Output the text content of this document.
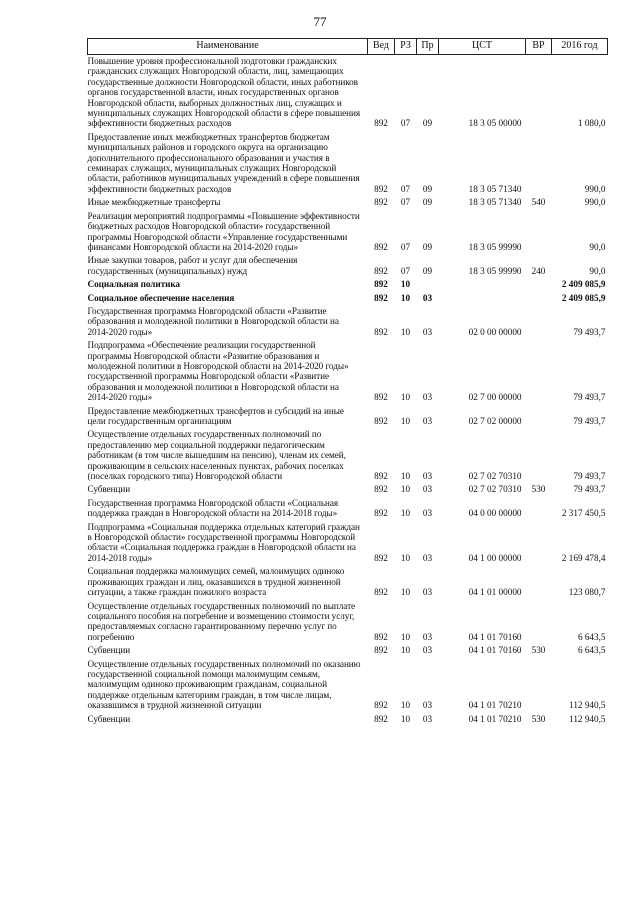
77
Наименование	Вед	РЗ	Пр	ЦСТ	ВР	2016 год
Повышение уровня профессиональной подготовки гражданских гражданских служащих Новгородской области, лиц, замещающих государственные должности Новгородской области, иных работников органов государственной власти, иных государственных органов Новгородской области, выборных должностных лиц, служащих и муниципальных служащих Новгородской области в сфере повышения эффективности бюджетных расходов	892	07	09	18 3 05 00000		1 080,0
Предоставление иных межбюджетных трансфертов бюджетам муниципальных районов и городского округа на организацию дополнительного профессионального образования и участия в семинарах служащих, муниципальных служащих Новгородской области, работников муниципальных учреждений в сфере повышения эффективности бюджетных расходов	892	07	09	18 3 05 71340		990,0
Иные межбюджетные трансферты	892	07	09	18 3 05 71340	540	990,0
Реализация мероприятий подпрограммы «Повышение эффективности бюджетных расходов Новгородской области» государственной программы Новгородской области «Управление государственными финансами Новгородской области на 2014-2020 годы»	892	07	09	18 3 05 99990		90,0
Иные закупки товаров, работ и услуг для обеспечения государственных (муниципальных) нужд	892	07	09	18 3 05 99990	240	90,0
Социальная политика	892	10				2 409 085,9
Социальное обеспечение населения	892	10	03			2 409 085,9
Государственная программа Новгородской области «Развитие образования и молодежной политики в Новгородской области на 2014-2020 годы»	892	10	03	02 0 00 00000		79 493,7
Подпрограмма «Обеспечение реализации государственной программы Новгородской области «Развитие образования и молодежной политики в Новгородской области на 2014-2020 годы» государственной программы Новгородской области «Развитие образования и молодежной политики в Новгородской области на 2014-2020 годы»	892	10	03	02 7 00 00000		79 493,7
Предоставление межбюджетных трансфертов и субсидий на иные цели государственным организациям	892	10	03	02 7 02 00000		79 493,7
Осуществление отдельных государственных полномочий по предоставлению мер социальной поддержки педагогическим работникам (в том числе вышедшим на пенсию), членам их семей, проживающим в сельских населенных пунктах, рабочих поселках (поселках городского типа) Новгородской области	892	10	03	02 7 02 70310		79 493,7
Субвенции	892	10	03	02 7 02 70310	530	79 493,7
Государственная программа Новгородской области «Социальная поддержка граждан в Новгородской области на 2014-2018 годы»	892	10	03	04 0 00 00000		2 317 450,5
Подпрограмма «Социальная поддержка отдельных категорий граждан в Новгородской области» государственной программы Новгородской области «Социальная поддержка граждан в Новгородской области на 2014-2018 годы»	892	10	03	04 1 00 00000		2 169 478,4
Социальная поддержка малоимущих семей, малоимущих одиноко проживающих граждан и лиц, оказавшихся в трудной жизненной ситуации, а также граждан пожилого возраста	892	10	03	04 1 01 00000		123 080,7
Осуществление отдельных государственных полномочий по выплате социального пособия на погребение и возмещению стоимости услуг, предоставляемых согласно гарантированному перечню услуг по погребению	892	10	03	04 1 01 70160		6 643,5
Субвенции	892	10	03	04 1 01 70160	530	6 643,5
Осуществление отдельных государственных полномочий по оказанию государственной социальной помощи малоимущим семьям, малоимущим одиноко проживающим гражданам, социальной поддержке отдельным категориям граждан, в том числе лицам, оказавшимся в трудной жизненной ситуации	892	10	03	04 1 01 70210		112 940,5
Субвенции	892	10	03	04 1 01 70210	530	112 940,5
